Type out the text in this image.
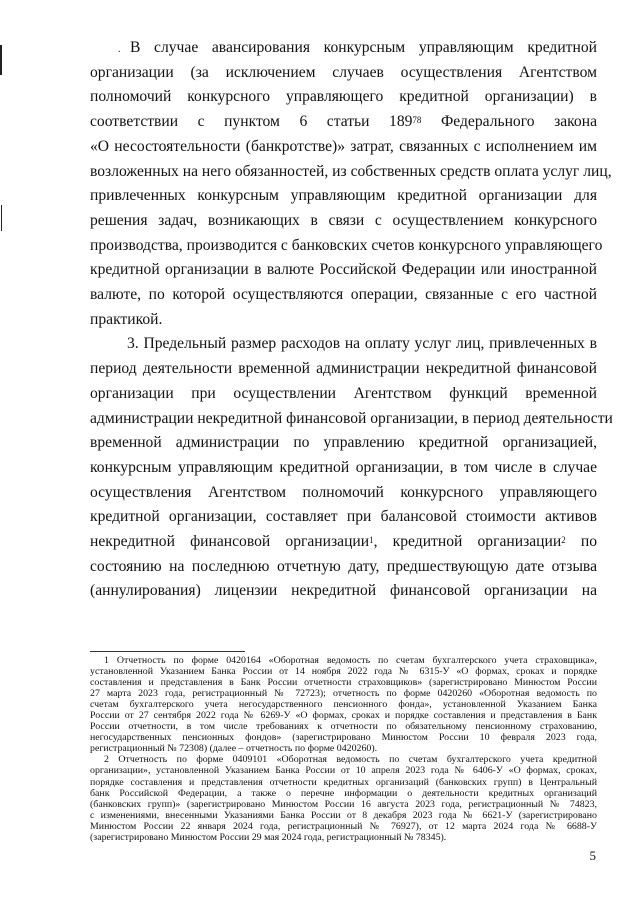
. В случае авансирования конкурсным управляющим кредитной
организации (за исключением случаев осуществления Агентством
полномочий конкурсного управляющего кредитной организации) в
соответствии с пунктом 6 статьи $189^{78}$ Федерального закона
«О несостоятельности (банкротстве)» затрат, связанных с исполнением им
возложенных на него обязанностей, из собственных средств оплата услуг лиц,
привлеченных конкурсным управляющим кредитной организации для
решения задач, возникающих в связи с осуществлением конкурсного
производства, производится с банковских счетов конкурсного управляющего
кредитной организации в валюте Российской Федерации или иностранной
валюте, по которой осуществляются операции, связанные с его частной
практикой.
3. Предельный размер расходов на оплату услуг лиц, привлеченных в
период деятельности временной администрации некредитной финансовой
организации при осуществлении Агентством функций временной
администрации некредитной финансовой организации, в период деятельности
временной администрации по управлению кредитной организацией,
конкурсным управляющим кредитной организации, в том числе в случае
осуществления Агентством полномочий конкурсного управляющего
кредитной организации, составляет при балансовой стоимости активов
некредитной финансовой организации$^1$, кредитной организации$^2$ по
состоянию на последнюю отчетную дату, предшествующую дате отзыва
(аннулирования) лицензии некредитной финансовой организации на
1 Отчетность по форме 0420164 «Оборотная ведомость по счетам бухгалтерского учета страховщика»,
установленной Указанием Банка России от 14 ноября 2022 года № 6315-У «О формах, сроках и порядке
составления и представления в Банк России отчетности страховщиков» (зарегистрировано Минюстом России
27 марта 2023 года, регистрационный № 72723); отчетность по форме 0420260 «Оборотная ведомость по
счетам бухгалтерского учета негосударственного пенсионного фонда», установленной Указанием Банка
России от 27 сентября 2022 года № 6269-У «О формах, сроках и порядке составления и представления в Банк
России отчетности, в том числе требованиях к отчетности по обязательному пенсионному страхованию,
негосударственных пенсионных фондов» (зарегистрировано Минюстом России 10 февраля 2023 года,
регистрационный № 72308) (далее – отчетность по форме 0420260).
2 Отчетность по форме 0409101 «Оборотная ведомость по счетам бухгалтерского учета кредитной
организации», установленной Указанием Банка России от 10 апреля 2023 года № 6406-У «О формах, сроках,
порядке составления и представления отчетности кредитных организаций (банковских групп) в Центральный
банк Российской Федерации, а также о перечне информации о деятельности кредитных организаций
(банковских групп)» (зарегистрировано Минюстом России 16 августа 2023 года, регистрационный № 74823,
с изменениями, внесенными Указаниями Банка России от 8 декабря 2023 года № 6621-У (зарегистрировано
Минюстом России 22 января 2024 года, регистрационный № 76927), от 12 марта 2024 года № 6688-У
(зарегистрировано Минюстом России 29 мая 2024 года, регистрационный № 78345).
5
